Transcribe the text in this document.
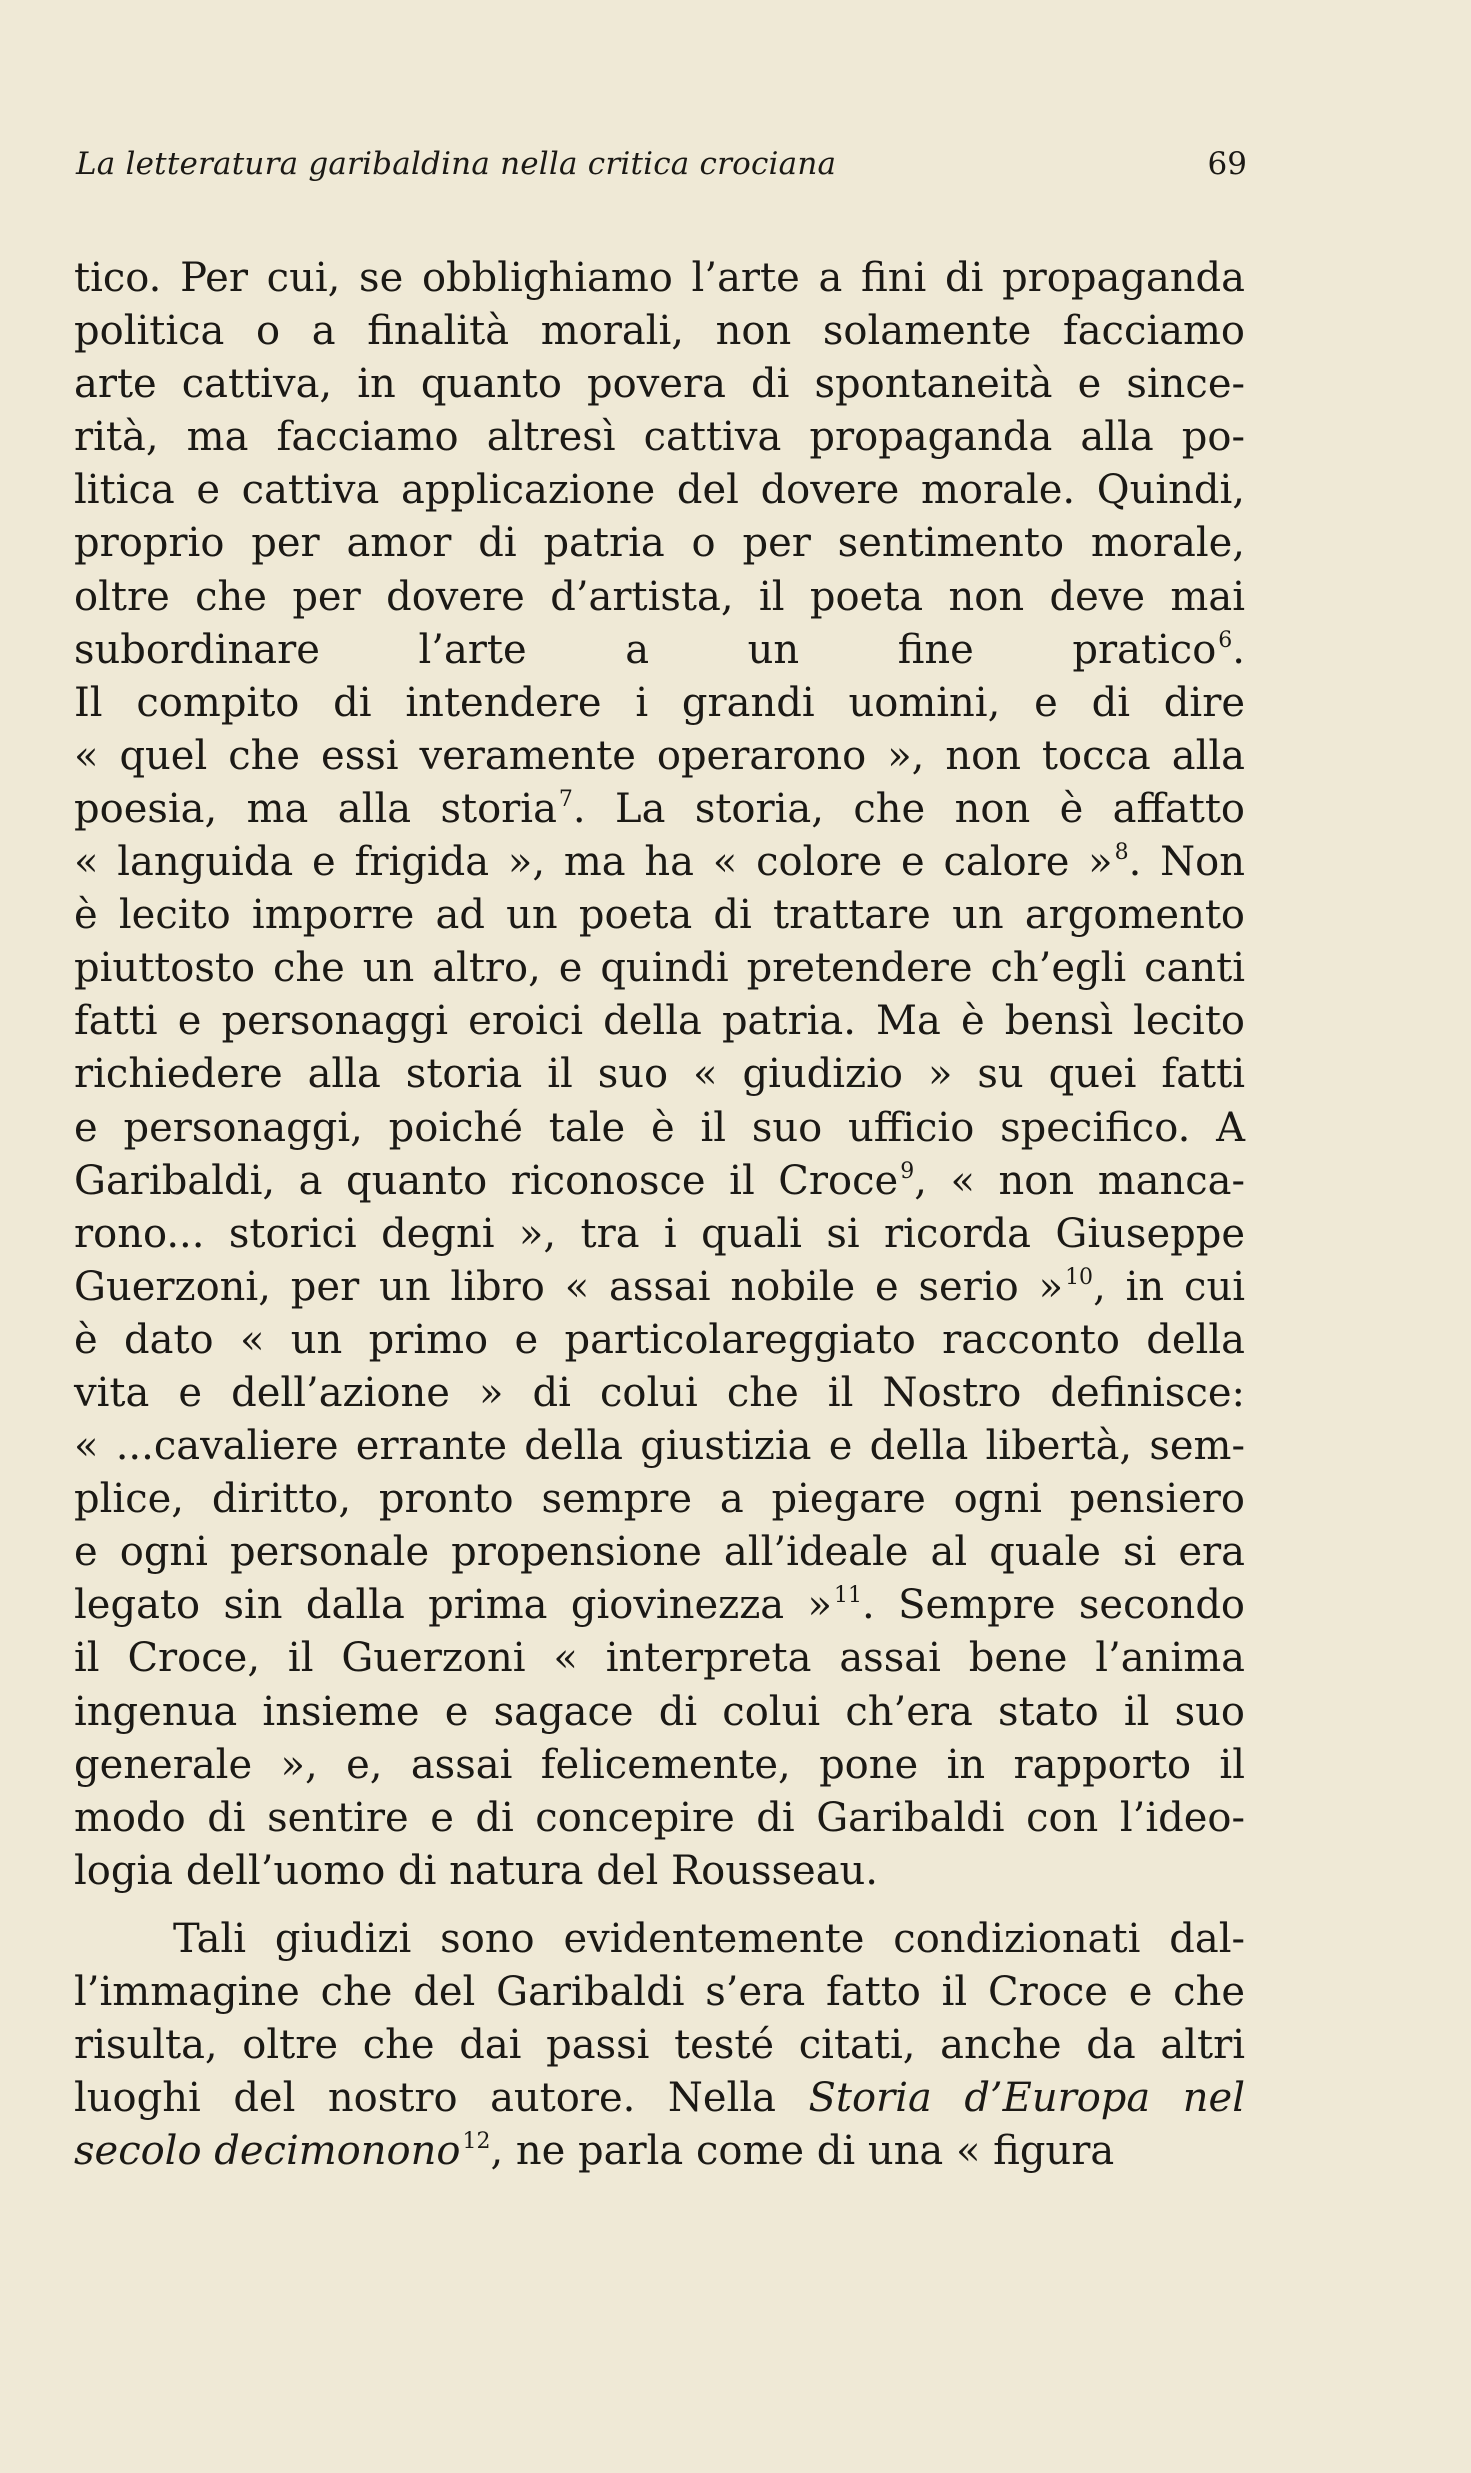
La letteratura garibaldina nella critica crociana	69
tico. Per cui, se obblighiamo l’arte a fini di propaganda
politica o a finalità morali, non solamente facciamo
arte cattiva, in quanto povera di spontaneità e since-
rità, ma facciamo altresì cattiva propaganda alla po-
litica e cattiva applicazione del dovere morale. Quindi,
proprio per amor di patria o per sentimento morale,
oltre che per dovere d’artista, il poeta non deve mai
subordinare l’arte a un fine pratico$^6$.
Il compito di intendere i grandi uomini, e di dire
« quel che essi veramente operarono », non tocca alla
poesia, ma alla storia$^7$. La storia, che non è affatto
« languida e frigida », ma ha « colore e calore »$^8$. Non
è lecito imporre ad un poeta di trattare un argomento
piuttosto che un altro, e quindi pretendere ch’egli canti
fatti e personaggi eroici della patria. Ma è bensì lecito
richiedere alla storia il suo « giudizio » su quei fatti
e personaggi, poiché tale è il suo ufficio specifico. A
Garibaldi, a quanto riconosce il Croce$^9$, « non manca-
rono... storici degni », tra i quali si ricorda Giuseppe
Guerzoni, per un libro « assai nobile e serio »$^{10}$, in cui
è dato « un primo e particolareggiato racconto della
vita e dell’azione » di colui che il Nostro definisce:
« ...cavaliere errante della giustizia e della libertà, sem-
plice, diritto, pronto sempre a piegare ogni pensiero
e ogni personale propensione all’ideale al quale si era
legato sin dalla prima giovinezza »$^{11}$. Sempre secondo
il Croce, il Guerzoni « interpreta assai bene l’anima
ingenua insieme e sagace di colui ch’era stato il suo
generale », e, assai felicemente, pone in rapporto il
modo di sentire e di concepire di Garibaldi con l’ideo-
logia dell’uomo di natura del Rousseau.
Tali giudizi sono evidentemente condizionati dal-
l’immagine che del Garibaldi s’era fatto il Croce e che
risulta, oltre che dai passi testé citati, anche da altri
luoghi del nostro autore. Nella Storia d’Europa nel
secolo decimonono$^{12}$, ne parla come di una « figura
